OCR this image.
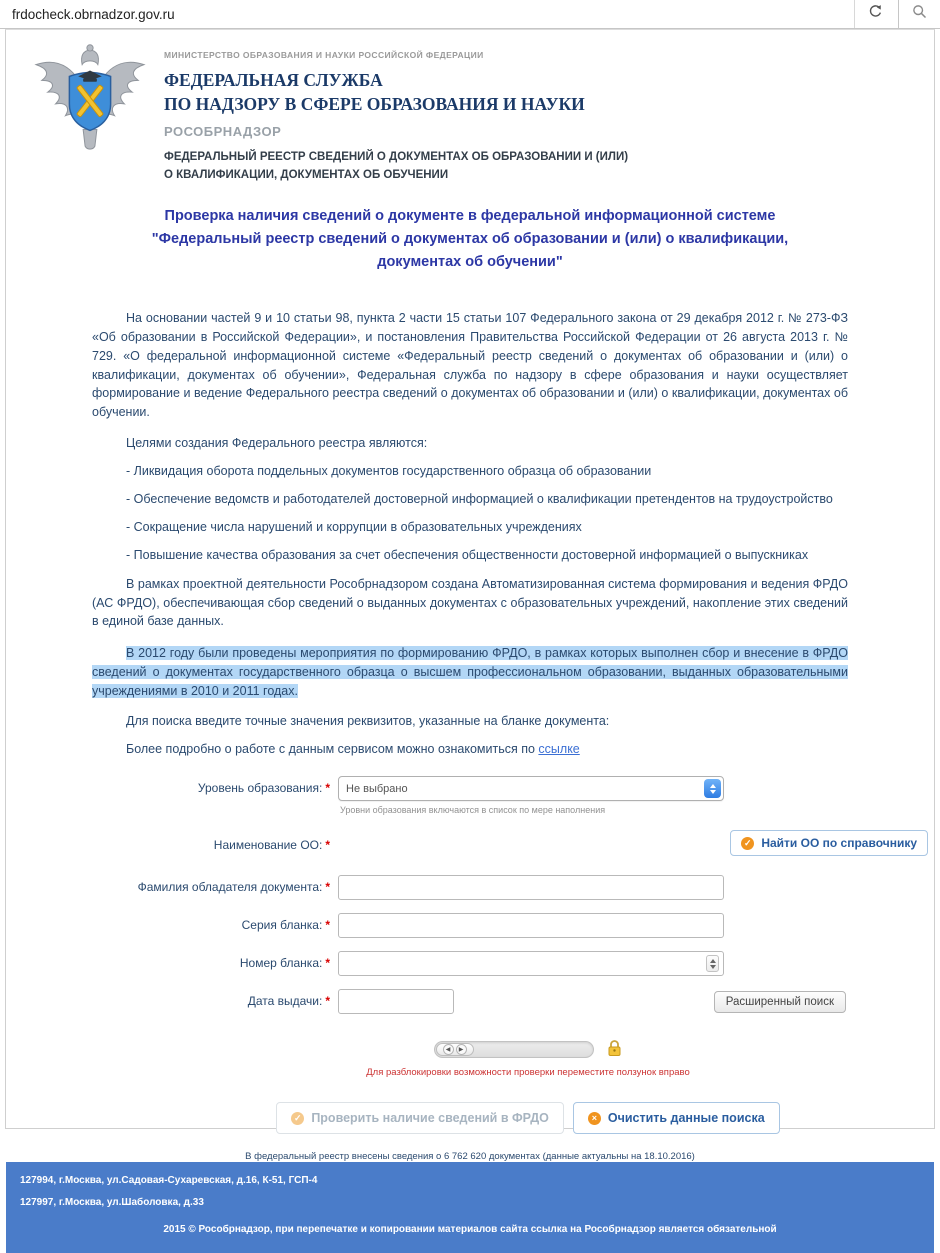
frdocheck.obrnadzor.gov.ru
МИНИСТЕРСТВО ОБРАЗОВАНИЯ И НАУКИ РОССИЙСКОЙ ФЕДЕРАЦИИ
ФЕДЕРАЛЬНАЯ СЛУЖБА
ПО НАДЗОРУ В СФЕРЕ ОБРАЗОВАНИЯ И НАУКИ
РОСОБРНАДЗОР
ФЕДЕРАЛЬНЫЙ РЕЕСТР СВЕДЕНИЙ О ДОКУМЕНТАХ ОБ ОБРАЗОВАНИИ И (ИЛИ)
О КВАЛИФИКАЦИИ, ДОКУМЕНТАХ ОБ ОБУЧЕНИИ
Проверка наличия сведений о документе в федеральной информационной системе "Федеральный реестр сведений о документах об образовании и (или) о квалификации, документах об обучении"

На основании частей 9 и 10 статьи 98, пункта 2 части 15 статьи 107 Федерального закона от 29 декабря 2012 г. № 273-ФЗ «Об образовании в Российской Федерации», и постановления Правительства Российской Федерации от 26 августа 2013 г. № 729. «О федеральной информационной системе «Федеральный реестр сведений о документах об образовании и (или) о квалификации, документах об обучении», Федеральная служба по надзору в сфере образования и науки осуществляет формирование и ведение Федерального реестра сведений о документах об образовании и (или) о квалификации, документах об обучении.

Целями создания Федерального реестра являются:

- Ликвидация оборота поддельных документов государственного образца об образовании

- Обеспечение ведомств и работодателей достоверной информацией о квалификации претендентов на трудоустройство

- Сокращение числа нарушений и коррупции в образовательных учреждениях

- Повышение качества образования за счет обеспечения общественности достоверной информацией о выпускниках

В рамках проектной деятельности Рособрнадзором создана Автоматизированная система формирования и ведения ФРДО (АС ФРДО), обеспечивающая сбор сведений о выданных документах с образовательных учреждений, накопление этих сведений в единой базе данных.

В 2012 году были проведены мероприятия по формированию ФРДО, в рамках которых выполнен сбор и внесение в ФРДО сведений о документах государственного образца о высшем профессиональном образовании, выданных образовательными учреждениями в 2010 и 2011 годах.

Для поиска введите точные значения реквизитов, указанные на бланке документа:

Более подробно о работе с данным сервисом можно ознакомиться по ссылке

Уровень образования: *	Не выбрано
Уровни образования включаются в список по мере наполнения
Наименование ОО: *	✓ Найти ОО по справочнику
Фамилия обладателя документа: *
Серия бланка: *
Номер бланка: *
Дата выдачи: *	Расширенный поиск
◀ ▶
Для разблокировки возможности проверки переместите ползунок вправо
✓ Проверить наличие сведений в ФРДО	× Очистить данные поиска
В федеральный реестр внесены сведения о 6 762 620 документах (данные актуальны на 18.10.2016)
127994, г.Москва, ул.Садовая-Сухаревская, д.16, К-51, ГСП-4
127997, г.Москва, ул.Шаболовка, д.33
2015 © Рособрнадзор, при перепечатке и копировании материалов сайта ссылка на Рособрнадзор является обязательной
